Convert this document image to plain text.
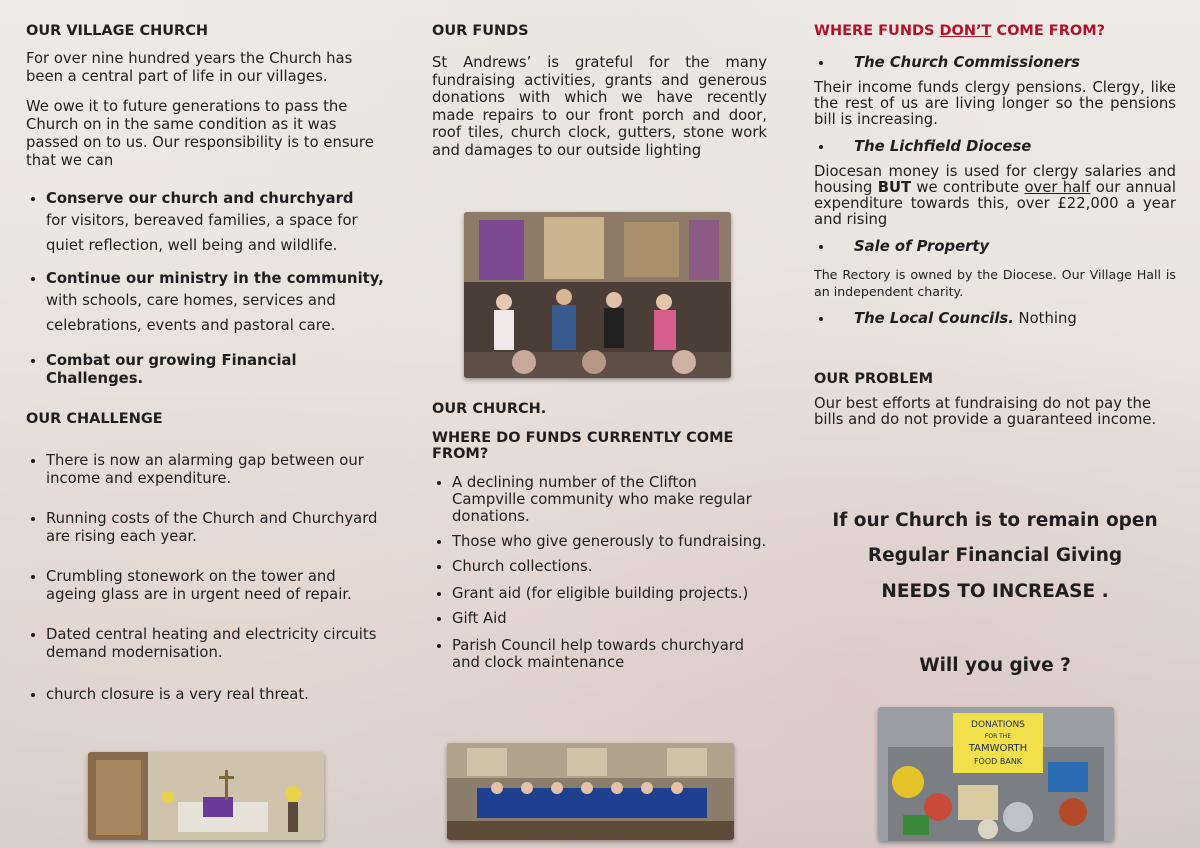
OUR VILLAGE CHURCH

For over nine hundred years the Church has been a central part of life in our villages.

We owe it to future generations to pass the Church on in the same condition as it was passed on to us. Our responsibility is to ensure that we can

• Conserve our church and churchyard
for visitors, bereaved families, a space for quiet reflection, well being and wildlife.
• Continue our ministry in the community,
with schools, care homes, services and celebrations, events and pastoral care.
• Combat our growing Financial Challenges.
OUR CHALLENGE
• There is now an alarming gap between our income and expenditure.
• Running costs of the Church and Churchyard are rising each year.
• Crumbling stonework on the tower and ageing glass are in urgent need of repair.
• Dated central heating and electricity circuits demand modernisation.
• church closure is a very real threat.
OUR FUNDS

St Andrews’ is grateful for the many fundraising activities, grants and generous donations with which we have recently made repairs to our front porch and door, roof tiles, church clock, gutters, stone work and damages to our outside lighting

OUR CHURCH.
WHERE DO FUNDS CURRENTLY COME FROM?
• A declining number of the Clifton Campville community who make regular donations.
• Those who give generously to fundraising.
• Church collections.
• Grant aid (for eligible building projects.)
• Gift Aid
• Parish Council help towards churchyard and clock maintenance
WHERE FUNDS DON’T COME FROM?
• The Church Commissioners

Their income funds clergy pensions. Clergy, like the rest of us are living longer so the pensions bill is increasing.

• The Lichfield Diocese

Diocesan money is used for clergy salaries and housing BUT we contribute over half our annual expenditure towards this, over £22,000 a year and rising

• Sale of Property

The Rectory is owned by the Diocese. Our Village Hall is an independent charity.

• The Local Councils. Nothing
OUR PROBLEM

Our best efforts at fundraising do not pay the bills and do not provide a guaranteed income.

If our Church is to remain open
Regular Financial Giving
NEEDS TO INCREASE .
Will you give ?
DONATIONS
FOR THE
TAMWORTH
FOOD BANK
